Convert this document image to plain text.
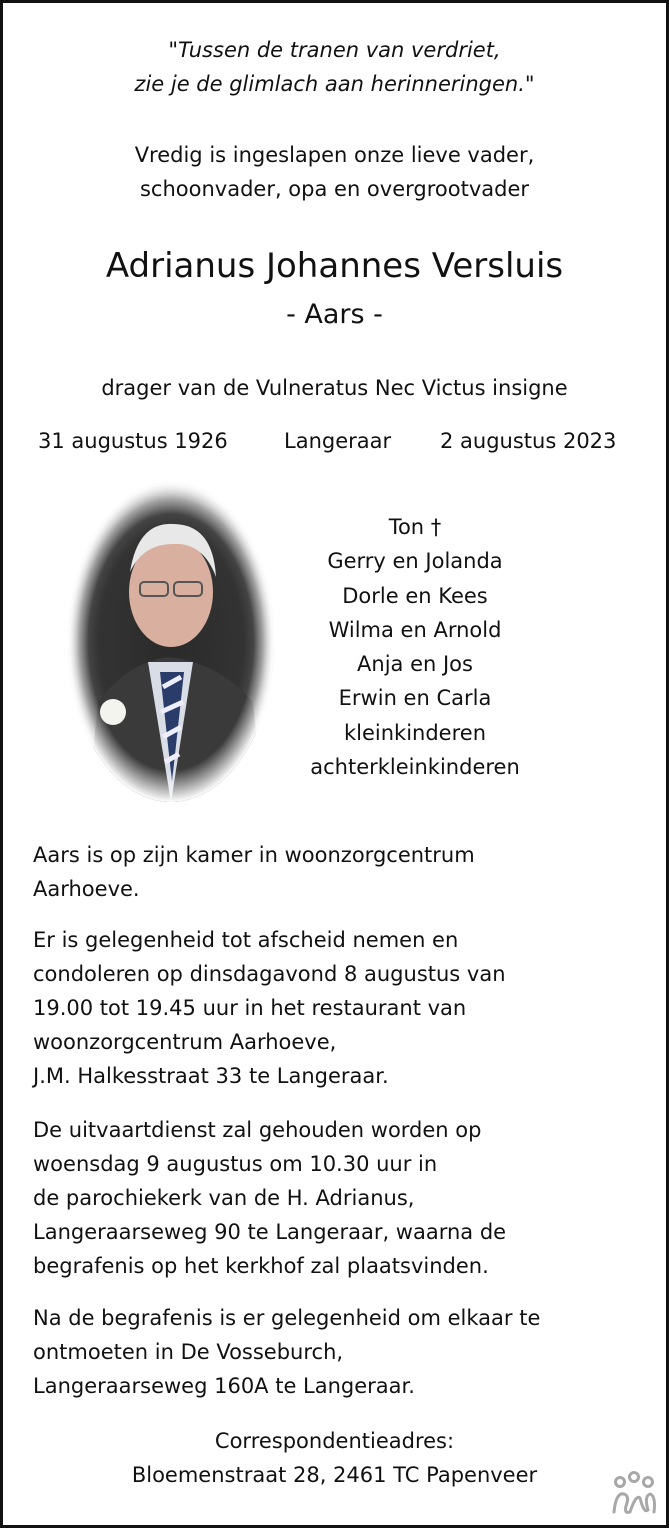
"Tussen de tranen van verdriet,
zie je de glimlach aan herinneringen."
Vredig is ingeslapen onze lieve vader,
schoonvader, opa en overgrootvader
Adrianus Johannes Versluis
- Aars -
drager van de Vulneratus Nec Victus insigne
31 augustus 1926	Langeraar 2 augustus 2023
Ton †
Gerry en Jolanda
Dorle en Kees
Wilma en Arnold
Anja en Jos
Erwin en Carla
kleinkinderen
achterkleinkinderen
Aars is op zijn kamer in woonzorgcentrum
Aarhoeve.
Er is gelegenheid tot afscheid nemen en
condoleren op dinsdagavond 8 augustus van
19.00 tot 19.45 uur in het restaurant van
woonzorgcentrum Aarhoeve,
J.M. Halkesstraat 33 te Langeraar.
De uitvaartdienst zal gehouden worden op
woensdag 9 augustus om 10.30 uur in
de parochiekerk van de H. Adrianus,
Langeraarseweg 90 te Langeraar, waarna de
begrafenis op het kerkhof zal plaatsvinden.
Na de begrafenis is er gelegenheid om elkaar te
ontmoeten in De Vosseburch,
Langeraarseweg 160A te Langeraar.
Correspondentieadres:
Bloemenstraat 28, 2461 TC Papenveer
